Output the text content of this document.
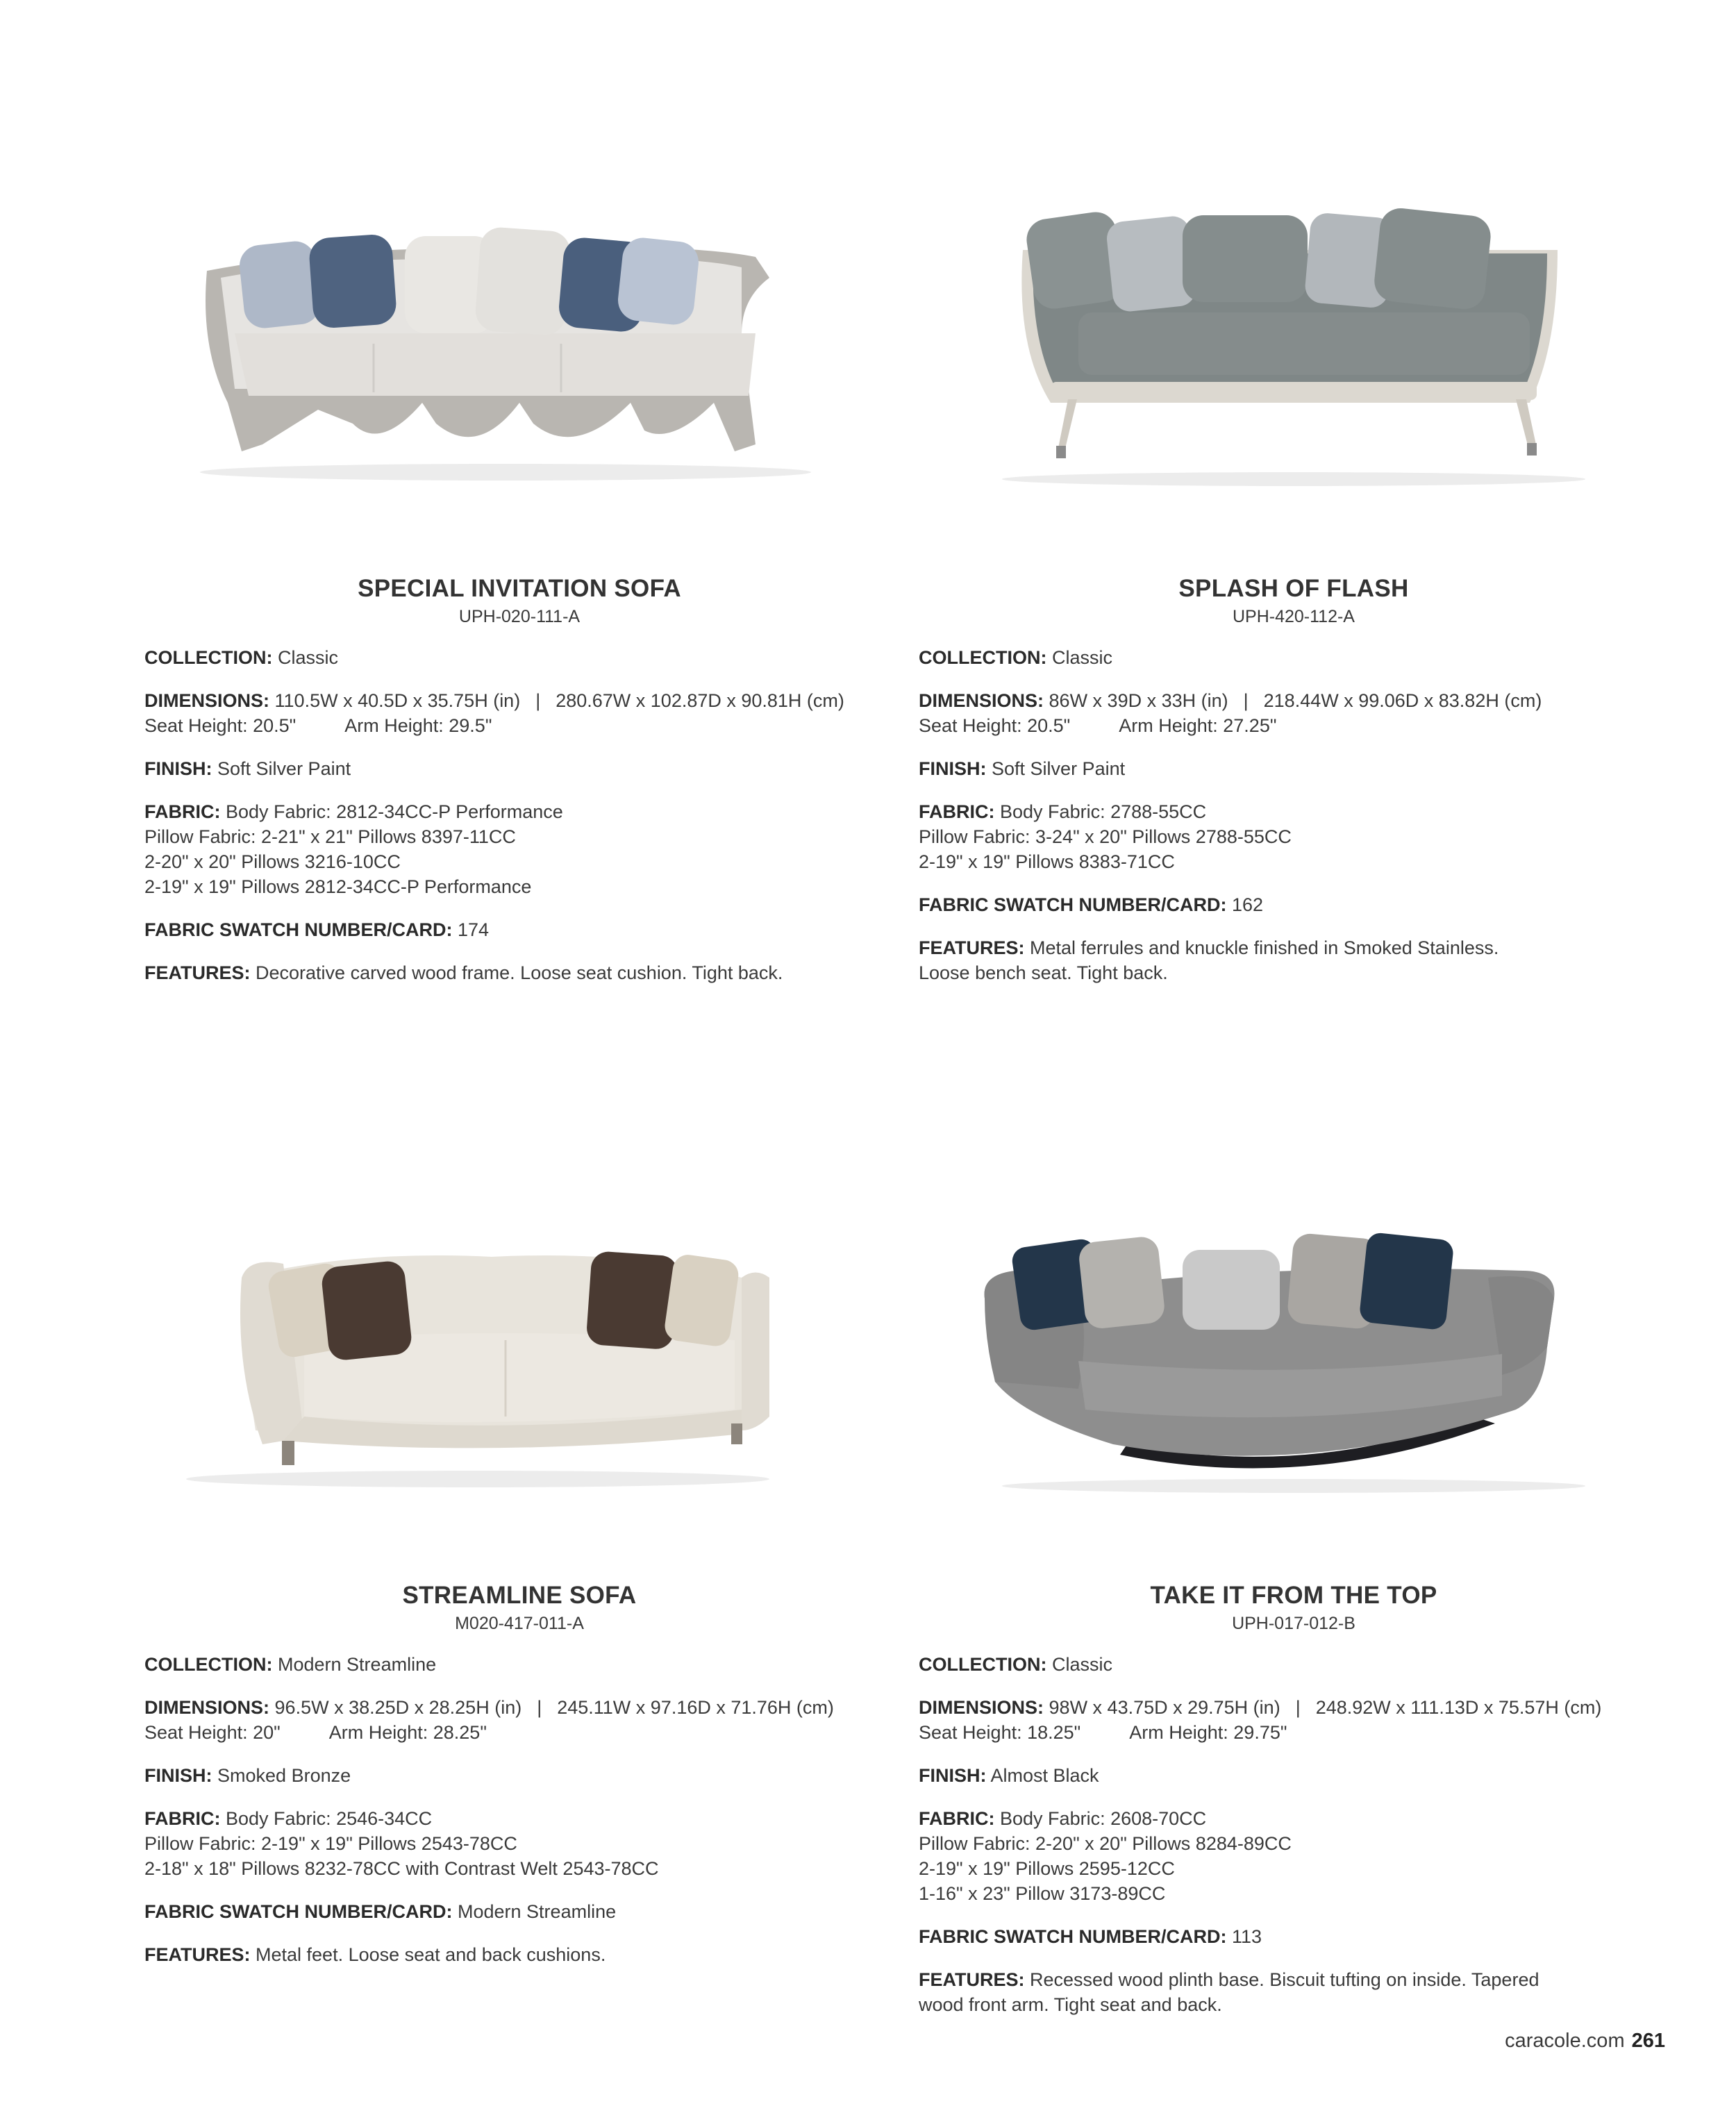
SPECIAL INVITATION SOFA
UPH-020-111-A
COLLECTION: Classic
DIMENSIONS: 110.5W x 40.5D x 35.75H (in) | 280.67W x 102.87D x 90.81H (cm)
Seat Height: 20.5"	Arm Height: 29.5"
FINISH: Soft Silver Paint
FABRIC: Body Fabric: 2812-34CC-P Performance
Pillow Fabric: 2-21" x 21" Pillows 8397-11CC
2-20" x 20" Pillows 3216-10CC
2-19" x 19" Pillows 2812-34CC-P Performance
FABRIC SWATCH NUMBER/CARD: 174
FEATURES: Decorative carved wood frame. Loose seat cushion. Tight back.
SPLASH OF FLASH
UPH-420-112-A
COLLECTION: Classic
DIMENSIONS: 86W x 39D x 33H (in) | 218.44W x 99.06D x 83.82H (cm)
Seat Height: 20.5"	Arm Height: 27.25"
FINISH: Soft Silver Paint
FABRIC: Body Fabric: 2788-55CC
Pillow Fabric: 3-24" x 20" Pillows 2788-55CC
2-19" x 19" Pillows 8383-71CC
FABRIC SWATCH NUMBER/CARD: 162
FEATURES: Metal ferrules and knuckle finished in Smoked Stainless.
Loose bench seat. Tight back.
STREAMLINE SOFA
M020-417-011-A
COLLECTION: Modern Streamline
DIMENSIONS: 96.5W x 38.25D x 28.25H (in) | 245.11W x 97.16D x 71.76H (cm)
Seat Height: 20"	Arm Height: 28.25"
FINISH: Smoked Bronze
FABRIC: Body Fabric: 2546-34CC
Pillow Fabric: 2-19" x 19" Pillows 2543-78CC
2-18" x 18" Pillows 8232-78CC with Contrast Welt 2543-78CC
FABRIC SWATCH NUMBER/CARD: Modern Streamline
FEATURES: Metal feet. Loose seat and back cushions.
TAKE IT FROM THE TOP
UPH-017-012-B
COLLECTION: Classic
DIMENSIONS: 98W x 43.75D x 29.75H (in) | 248.92W x 111.13D x 75.57H (cm)
Seat Height: 18.25"	Arm Height: 29.75"
FINISH: Almost Black
FABRIC: Body Fabric: 2608-70CC
Pillow Fabric: 2-20" x 20" Pillows 8284-89CC
2-19" x 19" Pillows 2595-12CC
1-16" x 23" Pillow 3173-89CC
FABRIC SWATCH NUMBER/CARD: 113
FEATURES: Recessed wood plinth base. Biscuit tufting on inside. Tapered
wood front arm. Tight seat and back.
caracole.com 261
